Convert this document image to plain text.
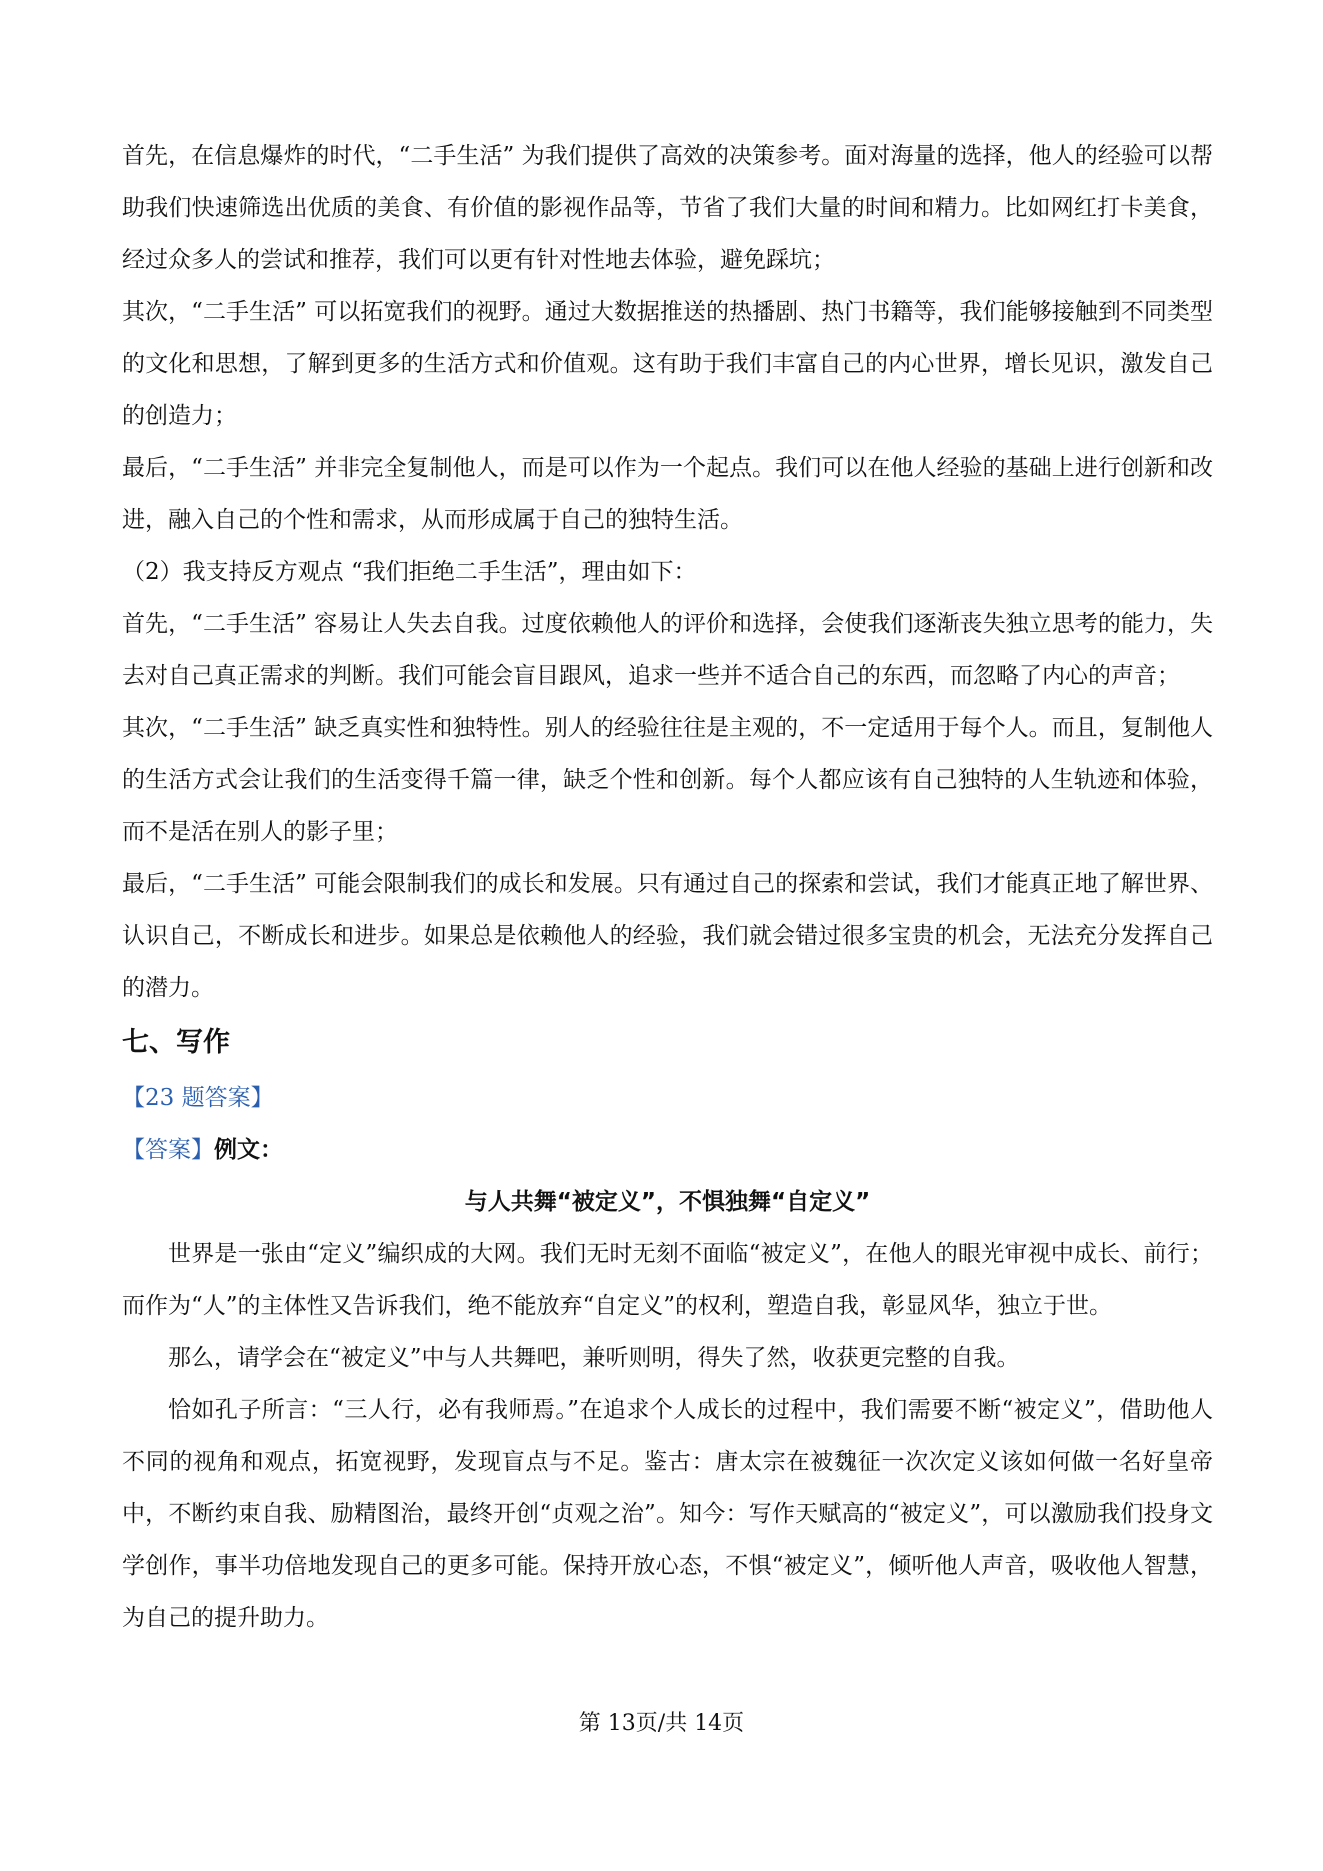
首先，在信息爆炸的时代，“二手生活” 为我们提供了高效的决策参考。面对海量的选择，他人的经验可以帮助我们快速筛选出优质的美食、有价值的影视作品等，节省了我们大量的时间和精力。比如网红打卡美食，经过众多人的尝试和推荐，我们可以更有针对性地去体验，避免踩坑；

其次，“二手生活” 可以拓宽我们的视野。通过大数据推送的热播剧、热门书籍等，我们能够接触到不同类型的文化和思想，了解到更多的生活方式和价值观。这有助于我们丰富自己的内心世界，增长见识，激发自己的创造力；

最后，“二手生活” 并非完全复制他人，而是可以作为一个起点。我们可以在他人经验的基础上进行创新和改进，融入自己的个性和需求，从而形成属于自己的独特生活。

（2）我支持反方观点 “我们拒绝二手生活”，理由如下：

首先，“二手生活” 容易让人失去自我。过度依赖他人的评价和选择，会使我们逐渐丧失独立思考的能力，失去对自己真正需求的判断。我们可能会盲目跟风，追求一些并不适合自己的东西，而忽略了内心的声音；

其次，“二手生活” 缺乏真实性和独特性。别人的经验往往是主观的，不一定适用于每个人。而且，复制他人的生活方式会让我们的生活变得千篇一律，缺乏个性和创新。每个人都应该有自己独特的人生轨迹和体验，而不是活在别人的影子里；

最后，“二手生活” 可能会限制我们的成长和发展。只有通过自己的探索和尝试，我们才能真正地了解世界、认识自己，不断成长和进步。如果总是依赖他人的经验，我们就会错过很多宝贵的机会，无法充分发挥自己的潜力。

七、写作

【23 题答案】

【答案】例文：

与人共舞“被定义”，不惧独舞“自定义”

世界是一张由“定义”编织成的大网。我们无时无刻不面临“被定义”，在他人的眼光审视中成长、前行；而作为“人”的主体性又告诉我们，绝不能放弃“自定义”的权利，塑造自我，彰显风华，独立于世。

那么，请学会在“被定义”中与人共舞吧，兼听则明，得失了然，收获更完整的自我。

恰如孔子所言：“三人行，必有我师焉。”在追求个人成长的过程中，我们需要不断“被定义”，借助他人不同的视角和观点，拓宽视野，发现盲点与不足。鉴古：唐太宗在被魏征一次次定义该如何做一名好皇帝中，不断约束自我、励精图治，最终开创“贞观之治”。知今：写作天赋高的“被定义”，可以激励我们投身文学创作，事半功倍地发现自己的更多可能。保持开放心态，不惧“被定义”，倾听他人声音，吸收他人智慧，为自己的提升助力。

第 13页/共 14页
